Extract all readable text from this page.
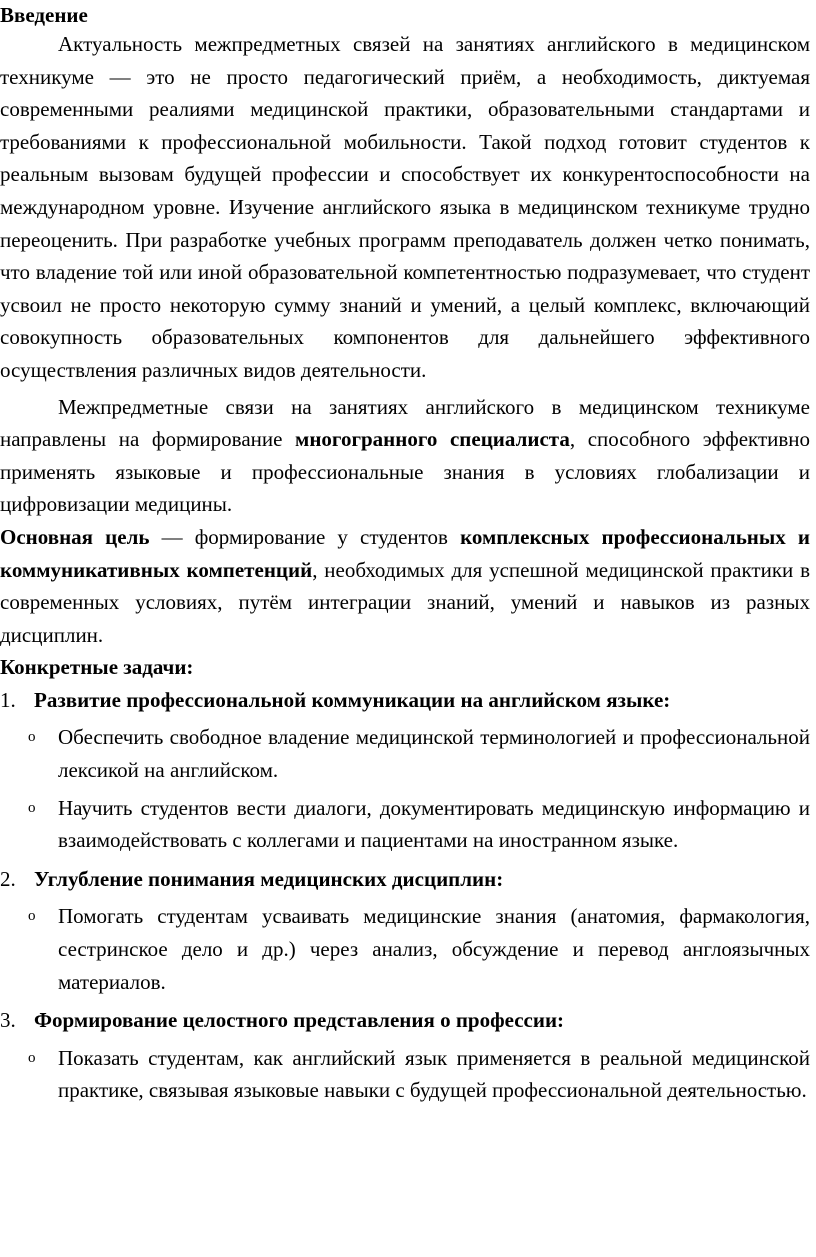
Введение

Актуальность межпредметных связей на занятиях английского в медицинском техникуме — это не просто педагогический приём, а необходимость, диктуемая современными реалиями медицинской практики, образовательными стандартами и требованиями к профессиональной мобильности. Такой подход готовит студентов к реальным вызовам будущей профессии и способствует их конкурентоспособности на международном уровне. Изучение английского языка в медицинском техникуме трудно переоценить. При разработке учебных программ преподаватель должен четко понимать, что владение той или иной образовательной компетентностью подразумевает, что студент усвоил не просто некоторую сумму знаний и умений, а целый комплекс, включающий совокупность образовательных компонентов для дальнейшего эффективного осуществления различных видов деятельности.

Межпредметные связи на занятиях английского в медицинском техникуме направлены на формирование многогранного специалиста, способного эффективно применять языковые и профессиональные знания в условиях глобализации и цифровизации медицины.

Основная цель — формирование у студентов комплексных профессиональных и коммуникативных компетенций, необходимых для успешной медицинской практики в современных условиях, путём интеграции знаний, умений и навыков из разных дисциплин.

Конкретные задачи:

1. Развитие профессиональной коммуникации на английском языке:

o Обеспечить свободное владение медицинской терминологией и профессиональной лексикой на английском.

o Научить студентов вести диалоги, документировать медицинскую информацию и взаимодействовать с коллегами и пациентами на иностранном языке.

2. Углубление понимания медицинских дисциплин:

o Помогать студентам усваивать медицинские знания (анатомия, фармакология, сестринское дело и др.) через анализ, обсуждение и перевод англоязычных материалов.

3. Формирование целостного представления о профессии:

o Показать студентам, как английский язык применяется в реальной медицинской практике, связывая языковые навыки с будущей профессиональной деятельностью.
